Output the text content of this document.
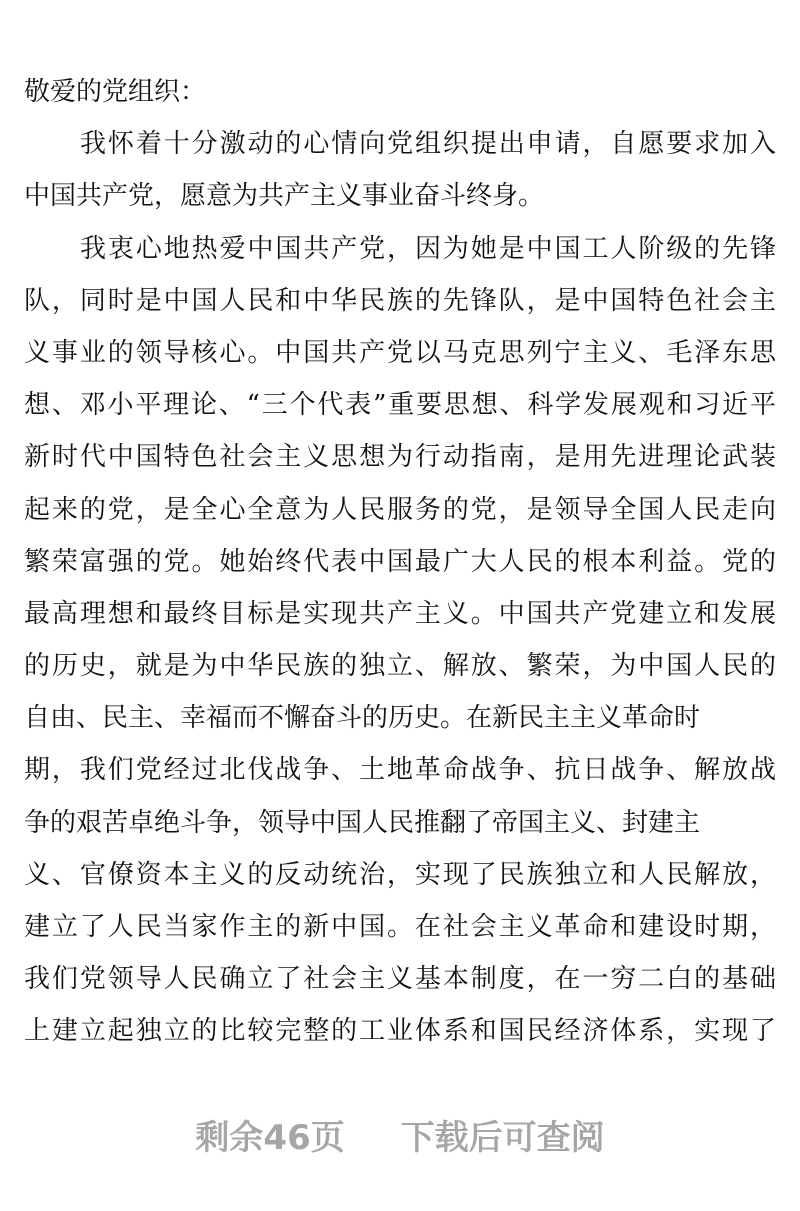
敬爱的党组织：
我怀着十分激动的心情向党组织提出申请，自愿要求加入
中国共产党，愿意为共产主义事业奋斗终身。
我衷心地热爱中国共产党，因为她是中国工人阶级的先锋
队，同时是中国人民和中华民族的先锋队，是中国特色社会主
义事业的领导核心。中国共产党以马克思列宁主义、毛泽东思
想、邓小平理论、“三个代表”重要思想、科学发展观和习近平
新时代中国特色社会主义思想为行动指南，是用先进理论武装
起来的党，是全心全意为人民服务的党，是领导全国人民走向
繁荣富强的党。她始终代表中国最广大人民的根本利益。党的
最高理想和最终目标是实现共产主义。中国共产党建立和发展
的历史，就是为中华民族的独立、解放、繁荣，为中国人民的
自由、民主、幸福而不懈奋斗的历史。在新民主主义革命时
期，我们党经过北伐战争、土地革命战争、抗日战争、解放战
争的艰苦卓绝斗争，领导中国人民推翻了帝国主义、封建主
义、官僚资本主义的反动统治，实现了民族独立和人民解放，
建立了人民当家作主的新中国。在社会主义革命和建设时期，
我们党领导人民确立了社会主义基本制度，在一穷二白的基础
上建立起独立的比较完整的工业体系和国民经济体系，实现了
剩余46页 下载后可查阅
